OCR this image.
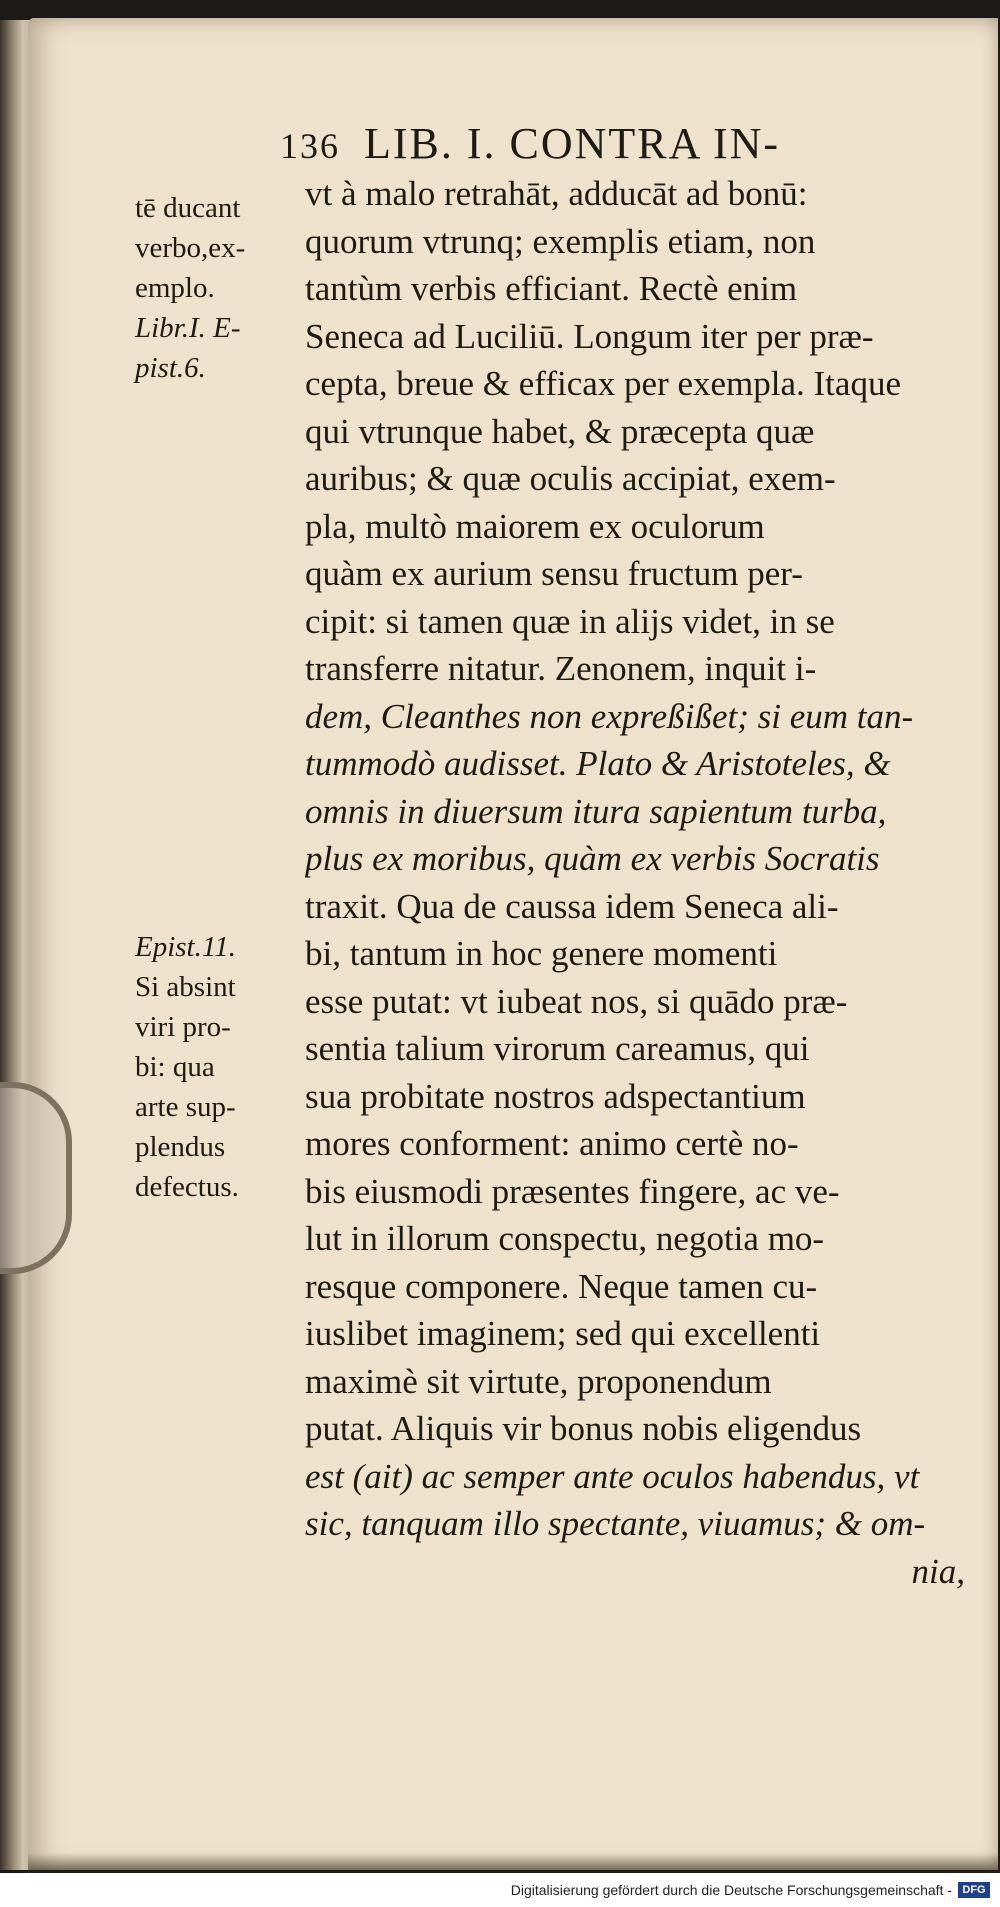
136 LIB. I. CONTRA IN-
tē ducant
verbo,ex-
emplo.
Libr.I. E-
pist.6.
Epist.11.
Si absint
viri pro-
bi: qua
arte sup-
plendus
defectus.
vt à malo retrahāt, adducāt ad bonū:
quorum vtrunq; exemplis etiam, non
tantùm verbis efficiant. Rectè enim
Seneca ad Luciliū. Longum iter per præ-
cepta, breue & efficax per exempla. Itaque
qui vtrunque habet, & præcepta quæ
auribus; & quæ oculis accipiat, exem-
pla, multò maiorem ex oculorum
quàm ex aurium sensu fructum per-
cipit: si tamen quæ in alijs videt, in se
transferre nitatur. Zenonem, inquit i-
dem, Cleanthes non expreßißet; si eum tan-
tummodò audisset. Plato & Aristoteles, &
omnis in diuersum itura sapientum turba,
plus ex moribus, quàm ex verbis Socratis
traxit. Qua de caussa idem Seneca ali-
bi, tantum in hoc genere momenti
esse putat: vt iubeat nos, si quādo præ-
sentia talium virorum careamus, qui
sua probitate nostros adspectantium
mores conforment: animo certè no-
bis eiusmodi præsentes fingere, ac ve-
lut in illorum conspectu, negotia mo-
resque componere. Neque tamen cu-
iuslibet imaginem; sed qui excellenti
maximè sit virtute, proponendum
putat. Aliquis vir bonus nobis eligendus
est (ait) ac semper ante oculos habendus, vt
sic, tanquam illo spectante, viuamus; & om-
nia,
Digitalisierung gefördert durch die Deutsche Forschungsgemeinschaft - DFG
